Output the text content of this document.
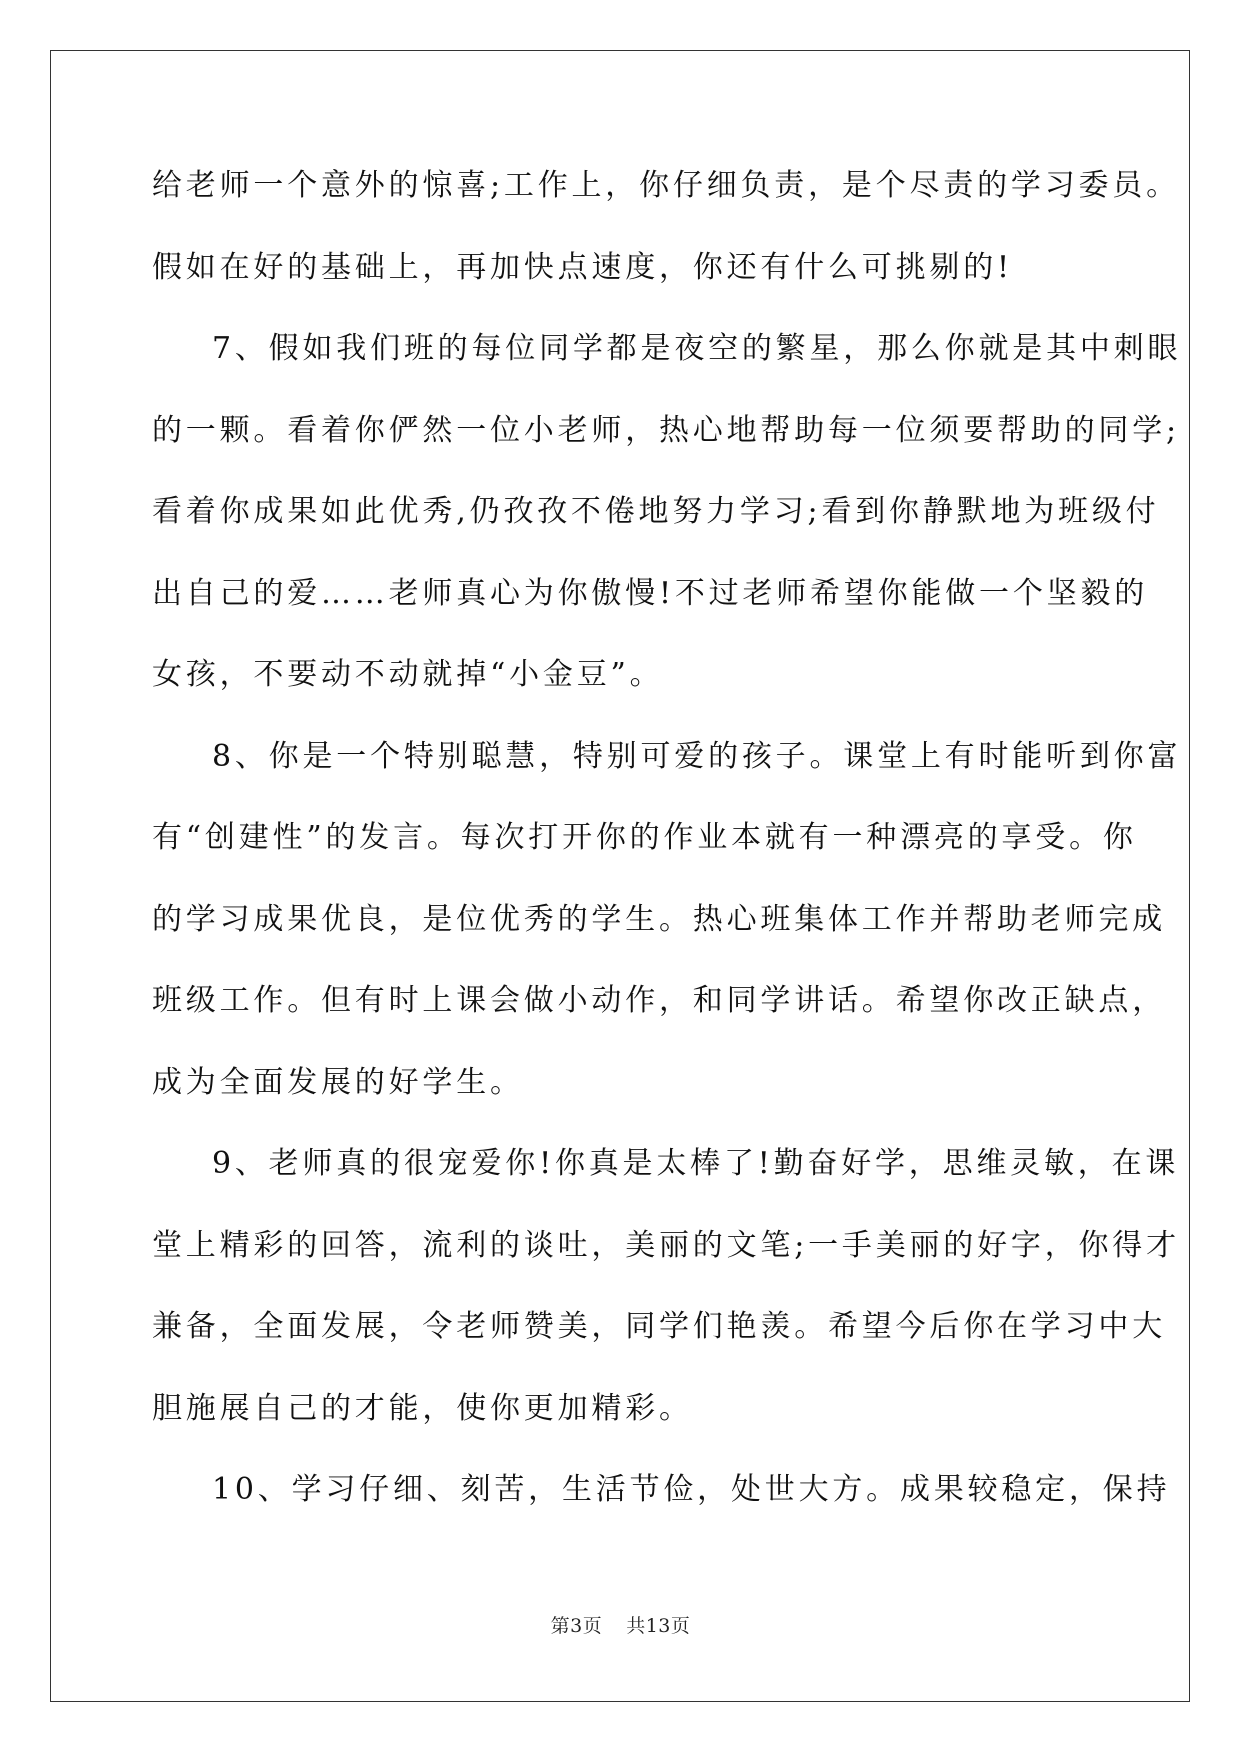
给老师一个意外的惊喜;工作上，你仔细负责，是个尽责的学习委员。
假如在好的基础上，再加快点速度，你还有什么可挑剔的!
7、假如我们班的每位同学都是夜空的繁星，那么你就是其中刺眼
的一颗。看着你俨然一位小老师，热心地帮助每一位须要帮助的同学;
看着你成果如此优秀,仍孜孜不倦地努力学习;看到你静默地为班级付
出自己的爱……老师真心为你傲慢!不过老师希望你能做一个坚毅的
女孩，不要动不动就掉“小金豆”。
8、你是一个特别聪慧，特别可爱的孩子。课堂上有时能听到你富
有“创建性”的发言。每次打开你的作业本就有一种漂亮的享受。你
的学习成果优良，是位优秀的学生。热心班集体工作并帮助老师完成
班级工作。但有时上课会做小动作，和同学讲话。希望你改正缺点，
成为全面发展的好学生。
9、老师真的很宠爱你!你真是太棒了!勤奋好学，思维灵敏，在课
堂上精彩的回答，流利的谈吐，美丽的文笔;一手美丽的好字，你得才
兼备，全面发展，令老师赞美，同学们艳羡。希望今后你在学习中大
胆施展自己的才能，使你更加精彩。
10、学习仔细、刻苦，生活节俭，处世大方。成果较稳定，保持
第3页 共13页
